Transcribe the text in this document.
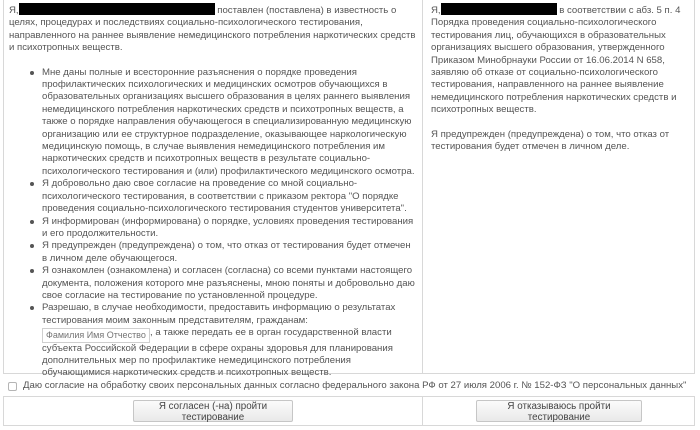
Я,	поставлен (поставлена) в известность о целях, процедурах и последствиях социально-психологического тестирования, направленного на раннее выявление немедицинского потребления наркотических средств и психотропных веществ.

Мне даны полные и всесторонние разъяснения о порядке проведения профилактических психологических и медицинских осмотров обучающихся в образовательных организациях высшего образования в целях раннего выявления немедицинского потребления наркотических средств и психотропных веществ, а также о порядке направления обучающегося в специализированную медицинскую организацию или ее структурное подразделение, оказывающее наркологическую медицинскую помощь, в случае выявления немедицинского потребления им наркотических средств и психотропных веществ в результате социально-психологического тестирования и (или) профилактического медицинского осмотра.
Я добровольно даю свое согласие на проведение со мной социально-психологического тестирования, в соответствии с приказом ректора "О порядке проведения социально-психологического тестирования студентов университета".
Я информирован (информирована) о порядке, условиях проведения тестирования и его продолжительности.
Я предупрежден (предупреждена) о том, что отказ от тестирования будет отмечен в личном деле обучающегося.
Я ознакомлен (ознакомлена) и согласен (согласна) со всеми пунктами настоящего документа, положения которого мне разъяснены, мною поняты и добровольно даю свое согласие на тестирование по установленной процедуре.
Разрешаю, в случае необходимости, предоставить информацию о результатах тестирования моим законным представителям, гражданам: Фамилия Имя Отчество, а также передать ее в орган государственной власти субъекта Российской Федерации в сфере охраны здоровья для планирования дополнительных мер по профилактике немедицинского потребления обучающимися наркотических средств и психотропных веществ.

Я,	в соответствии с абз. 5 п. 4 Порядка проведения социально-психологического тестирования лиц, обучающихся в образовательных организациях высшего образования, утвержденного Приказом Минобрнауки России от 16.06.2014 N 658, заявляю об отказе от социально-психологического тестирования, направленного на раннее выявление немедицинского потребления наркотических средств и психотропных веществ.

Я предупрежден (предупреждена) о том, что отказ от тестирования будет отмечен в личном деле.

Даю согласие на обработку своих персональных данных согласно федерального закона РФ от 27 июля 2006 г. № 152-ФЗ "О персональных данных"
Я согласен (-на) пройти тестирование
Я отказываюсь пройти тестирование
